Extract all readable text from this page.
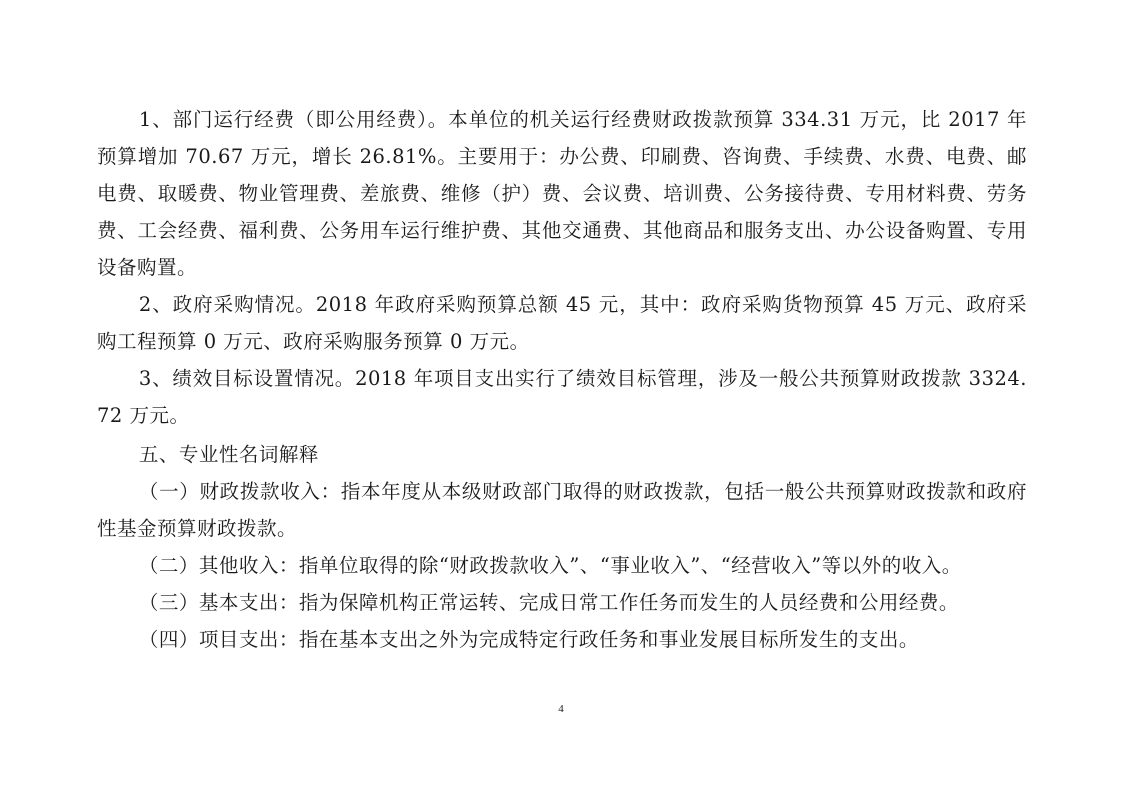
1、部门运行经费（即公用经费）。本单位的机关运行经费财政拨款预算 334.31 万元，比 2017 年预算增加 70.67 万元，增长 26.81%。主要用于：办公费、印刷费、咨询费、手续费、水费、电费、邮电费、取暖费、物业管理费、差旅费、维修（护）费、会议费、培训费、公务接待费、专用材料费、劳务费、工会经费、福利费、公务用车运行维护费、其他交通费、其他商品和服务支出、办公设备购置、专用设备购置。

2、政府采购情况。2018 年政府采购预算总额 45 元，其中：政府采购货物预算 45 万元、政府采购工程预算 0 万元、政府采购服务预算 0 万元。

3、绩效目标设置情况。2018 年项目支出实行了绩效目标管理，涉及一般公共预算财政拨款 3324.72 万元。

五、专业性名词解释

（一）财政拨款收入：指本年度从本级财政部门取得的财政拨款，包括一般公共预算财政拨款和政府性基金预算财政拨款。

（二）其他收入：指单位取得的除“财政拨款收入”、“事业收入”、“经营收入”等以外的收入。

（三）基本支出：指为保障机构正常运转、完成日常工作任务而发生的人员经费和公用经费。

（四）项目支出：指在基本支出之外为完成特定行政任务和事业发展目标所发生的支出。

4
